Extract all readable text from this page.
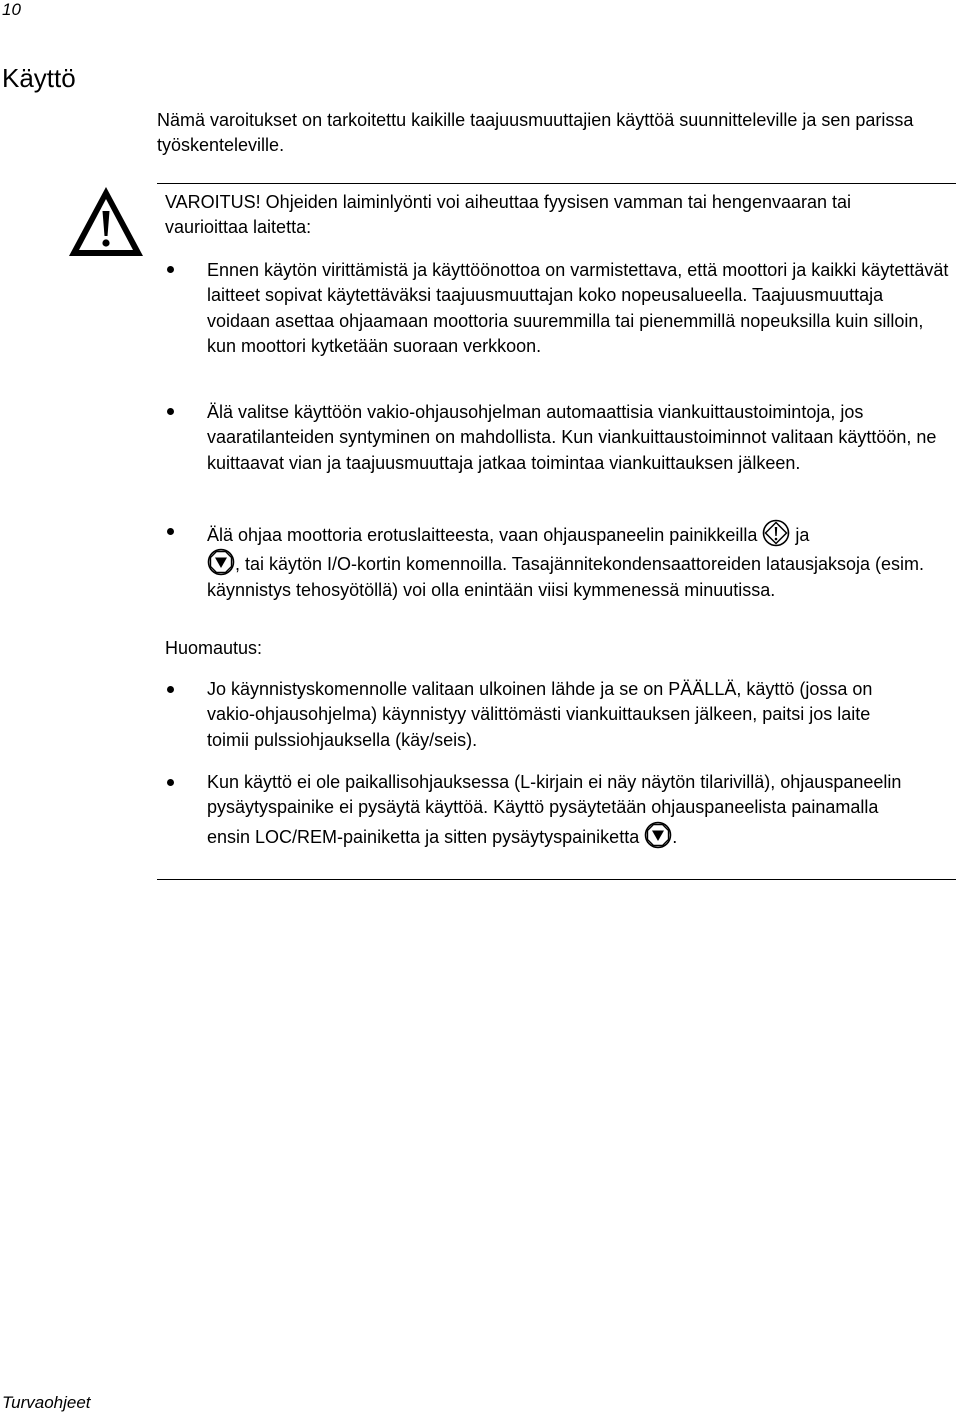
10
Käyttö
Nämä varoitukset on tarkoitettu kaikille taajuusmuuttajien käyttöä suunnitteleville ja sen parissa työskenteleville.
VAROITUS! Ohjeiden laiminlyönti voi aiheuttaa fyysisen vamman tai hengenvaaran tai vaurioittaa laitetta:
Ennen käytön virittämistä ja käyttöönottoa on varmistettava, että moottori ja kaikki käytettävät laitteet sopivat käytettäväksi taajuusmuuttajan koko nopeusalueella. Taajuusmuuttaja voidaan asettaa ohjaamaan moottoria suuremmilla tai pienemmillä nopeuksilla kuin silloin, kun moottori kytketään suoraan verkkoon.
Älä valitse käyttöön vakio-ohjausohjelman automaattisia viankuittaustoimintoja, jos vaaratilanteiden syntyminen on mahdollista. Kun viankuittaustoiminnot valitaan käyttöön, ne kuittaavat vian ja taajuusmuuttaja jatkaa toimintaa viankuittauksen jälkeen.
Älä ohjaa moottoria erotuslaitteesta, vaan ohjauspaneelin painikkeilla ja
, tai käytön I/O-kortin komennoilla. Tasajännitekondensaattoreiden latausjaksoja (esim. käynnistys tehosyötöllä) voi olla enintään viisi kymmenessä minuutissa.
Huomautus:
Jo käynnistyskomennolle valitaan ulkoinen lähde ja se on PÄÄLLÄ, käyttö (jossa on vakio-ohjausohjelma) käynnistyy välittömästi viankuittauksen jälkeen, paitsi jos laite toimii pulssiohjauksella (käy/seis).
Kun käyttö ei ole paikallisohjauksessa (L-kirjain ei näy näytön tilarivillä), ohjauspaneelin pysäytyspainike ei pysäytä käyttöä. Käyttö pysäytetään ohjauspaneelista painamalla ensin LOC/REM-painiketta ja sitten pysäytyspainiketta .
Turvaohjeet
